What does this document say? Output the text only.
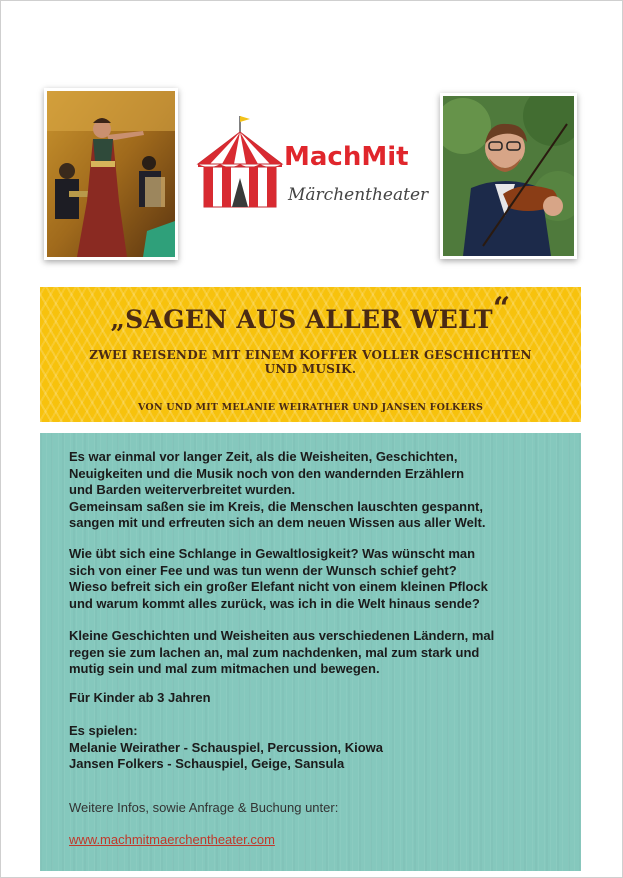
MachMit
Märchentheater
„SAGEN AUS ALLER WELT“
ZWEI REISENDE MIT EINEM KOFFER VOLLER GESCHICHTEN
UND MUSIK.
VON UND MIT MELANIE WEIRATHER UND JANSEN FOLKERS

Es war einmal vor langer Zeit, als die Weisheiten, Geschichten,

Neuigkeiten und die Musik noch von den wandernden Erzählern

und Barden weiterverbreitet wurden.

Gemeinsam saßen sie im Kreis, die Menschen lauschten gespannt,

sangen mit und erfreuten sich an dem neuen Wissen aus aller Welt.

Wie übt sich eine Schlange in Gewaltlosigkeit? Was wünscht man

sich von einer Fee und was tun wenn der Wunsch schief geht?

Wieso befreit sich ein großer Elefant nicht von einem kleinen Pflock

und warum kommt alles zurück, was ich in die Welt hinaus sende?

Kleine Geschichten und Weisheiten aus verschiedenen Ländern, mal

regen sie zum lachen an, mal zum nachdenken, mal zum stark und

mutig sein und mal zum mitmachen und bewegen.

Für Kinder ab 3 Jahren

Es spielen:

Melanie Weirather - Schauspiel, Percussion, Kiowa

Jansen Folkers - Schauspiel, Geige, Sansula

Weitere Infos, sowie Anfrage & Buchung unter:
www.machmitmaerchentheater.com
